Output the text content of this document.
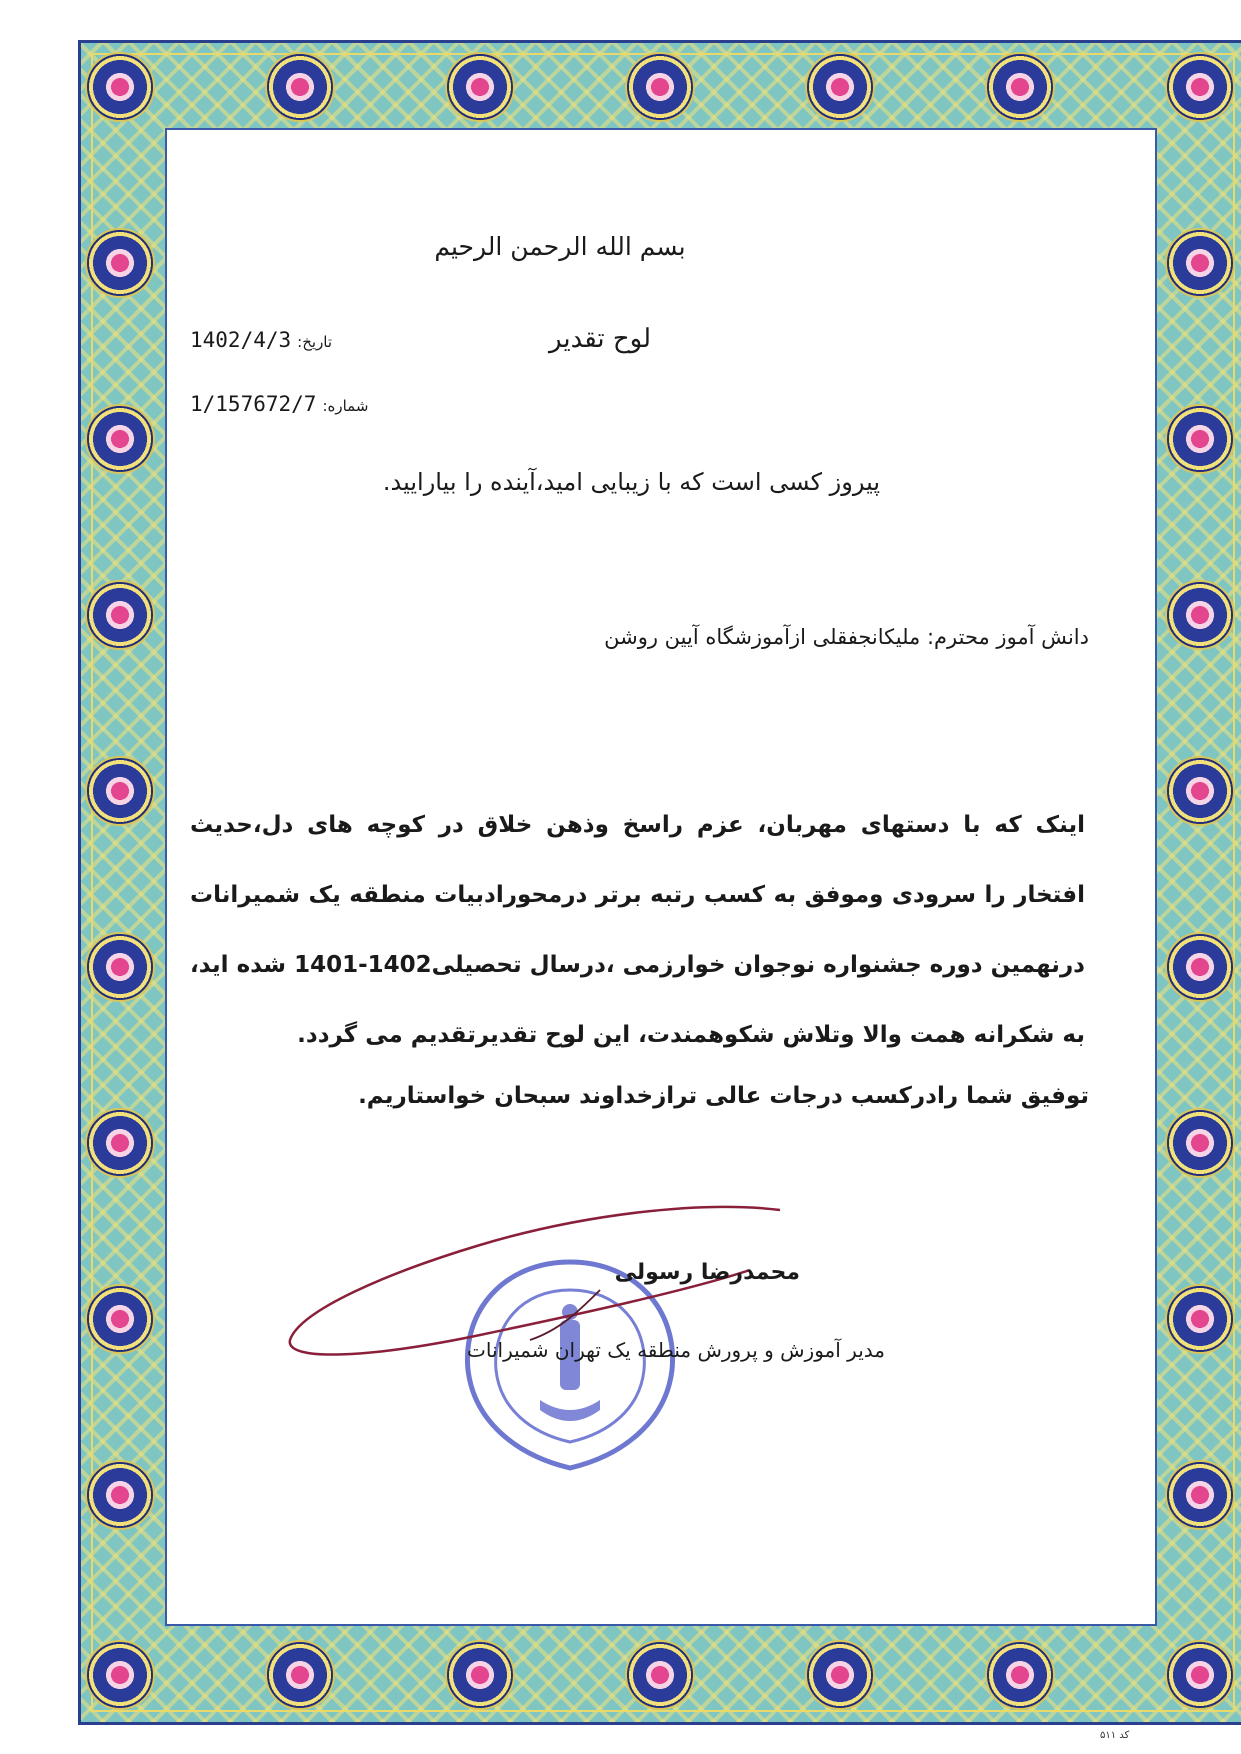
بسم الله الرحمن الرحيم
لوح تقدیر
1402/4/3 تاریخ:
1/157672/7 شماره:
پیروز کسی است که با زیبایی امید،آینده را بیارایید.
دانش آموز محترم: ملیکانجفقلی ازآموزشگاه آیین روشن
اینک که با دستهای مهربان، عزم راسخ وذهن خلاق در کوچه های دل،حدیث افتخار را سرودی وموفق به کسب رتبه برتر درمحورادبیات منطقه یک شمیرانات درنهمین دوره جشنواره نوجوان خوارزمی ،درسال تحصیلی1402-1401 شده اید، به شکرانه همت والا وتلاش شکوهمندت، این لوح تقدیرتقدیم می گردد.
توفیق شما رادرکسب درجات عالی ترازخداوند سبحان خواستاریم.
محمدرضا رسولی
مدیر آموزش و پرورش منطقه یک تهران شمیرانات
کد ۵۱۱
